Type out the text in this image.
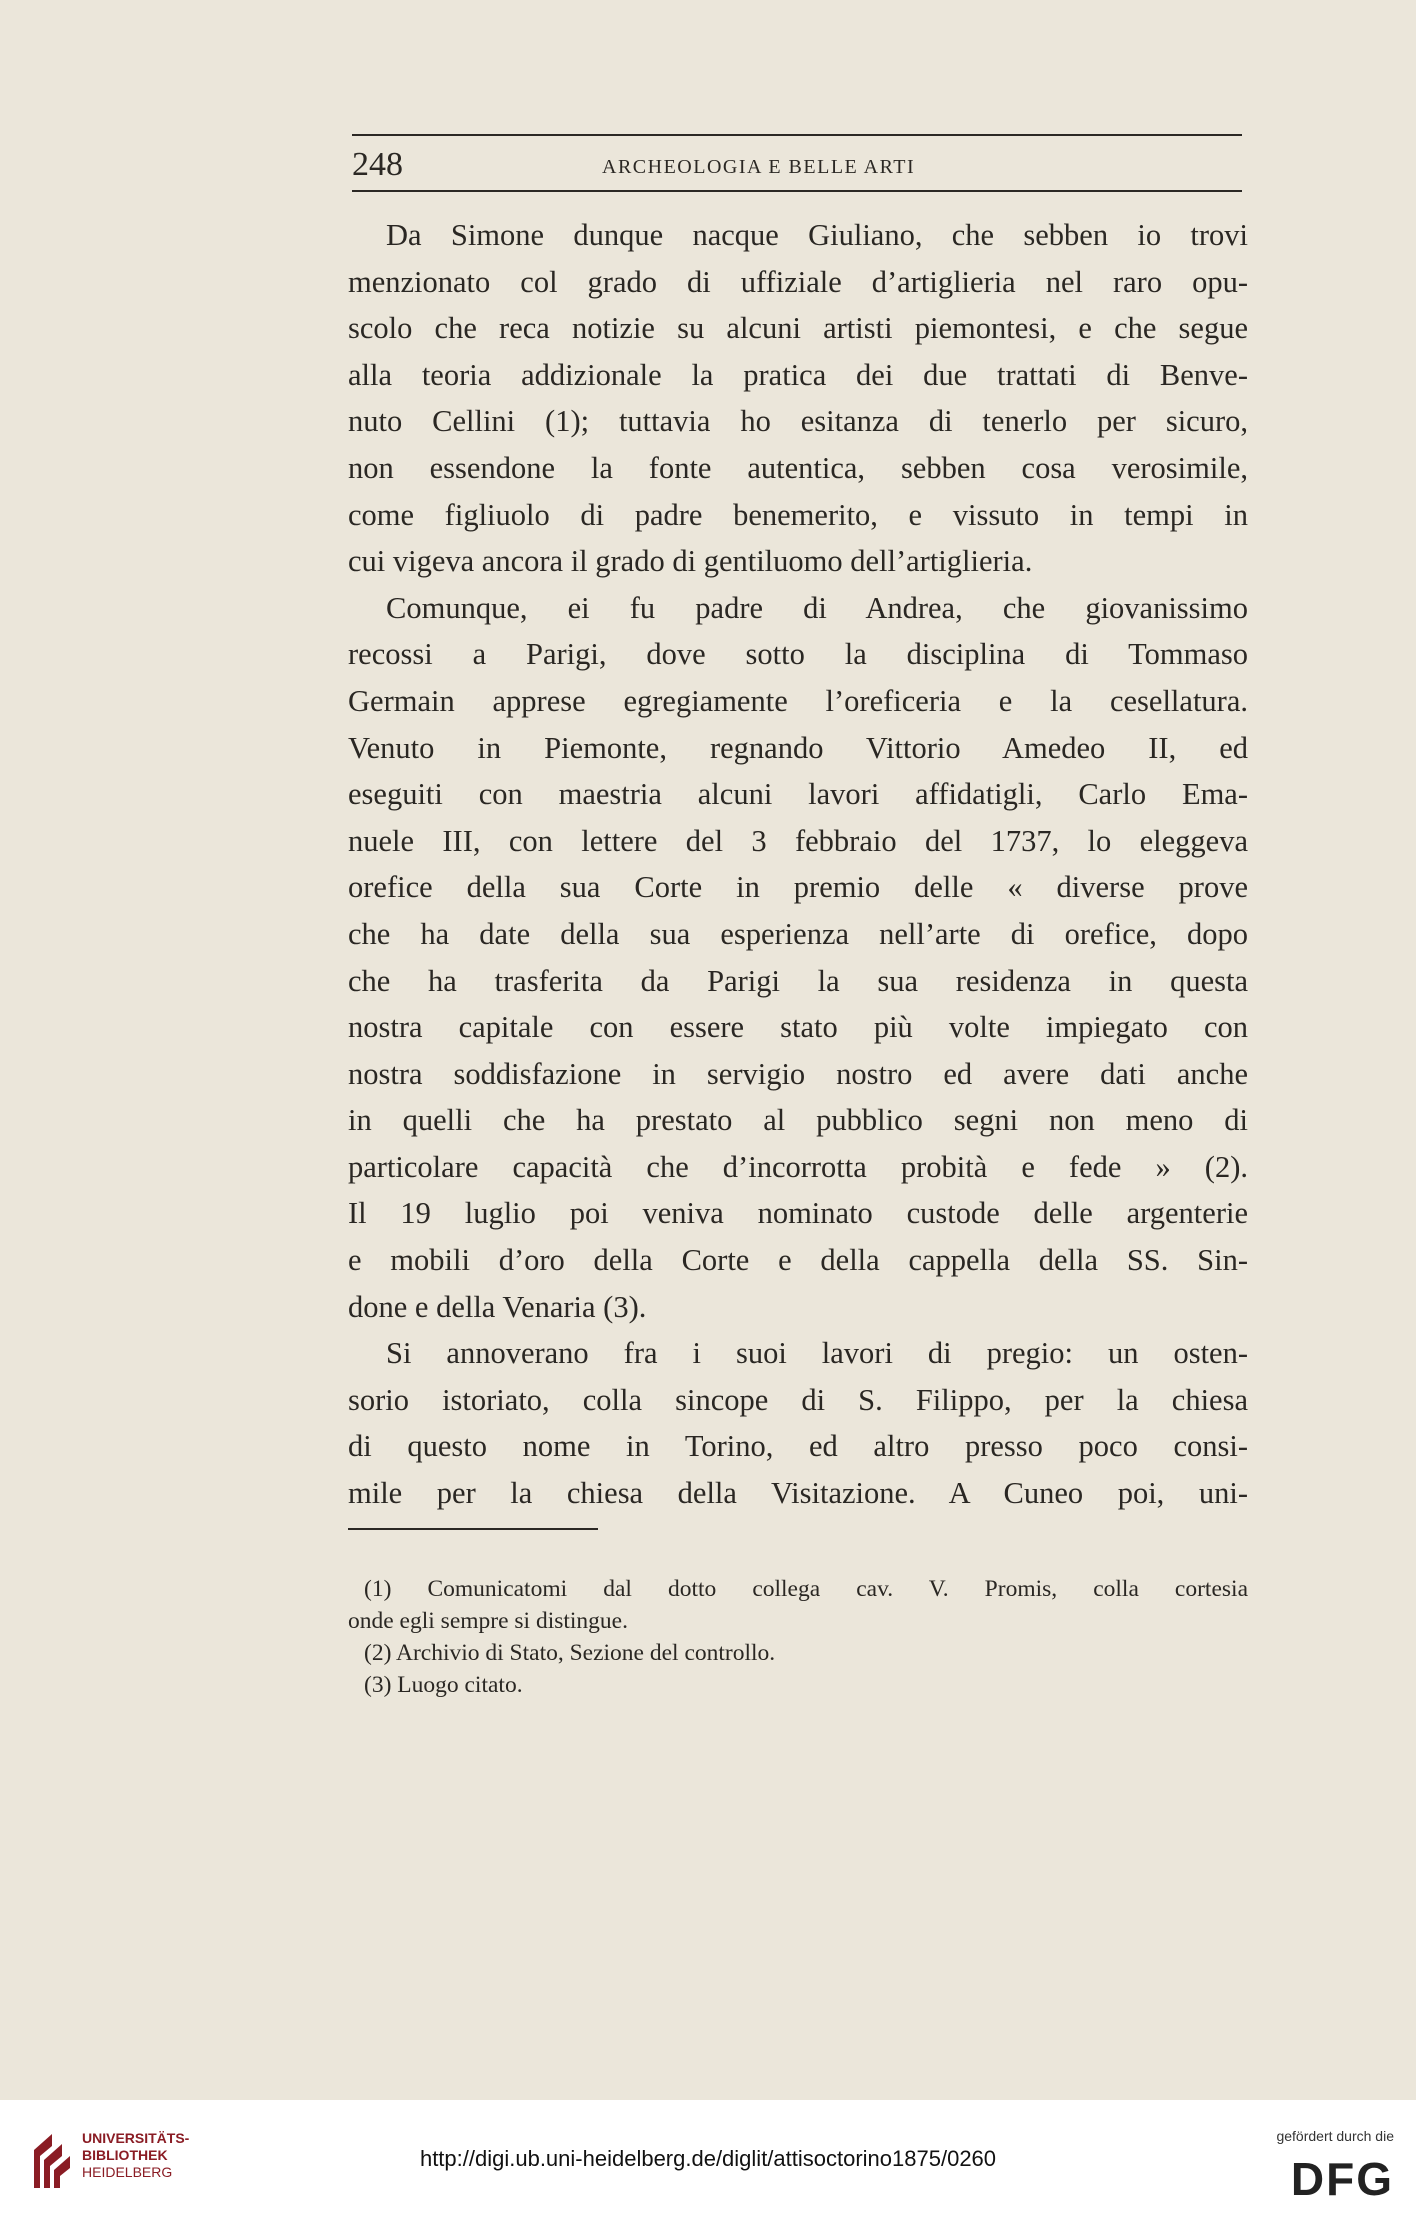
248	ARCHEOLOGIA E BELLE ARTI
Da Simone dunque nacque Giuliano, che sebben io trovi
menzionato col grado di uffiziale d’artiglieria nel raro opu-
scolo che reca notizie su alcuni artisti piemontesi, e che segue
alla teoria addizionale la pratica dei due trattati di Benve-
nuto Cellini (1); tuttavia ho esitanza di tenerlo per sicuro,
non essendone la fonte autentica, sebben cosa verosimile,
come figliuolo di padre benemerito, e vissuto in tempi in
cui vigeva ancora il grado di gentiluomo dell’artiglieria.
Comunque, ei fu padre di Andrea, che giovanissimo
recossi a Parigi, dove sotto la disciplina di Tommaso
Germain apprese egregiamente l’oreficeria e la cesellatura.
Venuto in Piemonte, regnando Vittorio Amedeo II, ed
eseguiti con maestria alcuni lavori affidatigli, Carlo Ema-
nuele III, con lettere del 3 febbraio del 1737, lo eleggeva
orefice della sua Corte in premio delle « diverse prove
che ha date della sua esperienza nell’arte di orefice, dopo
che ha trasferita da Parigi la sua residenza in questa
nostra capitale con essere stato più volte impiegato con
nostra soddisfazione in servigio nostro ed avere dati anche
in quelli che ha prestato al pubblico segni non meno di
particolare capacità che d’incorrotta probità e fede » (2).
Il 19 luglio poi veniva nominato custode delle argenterie
e mobili d’oro della Corte e della cappella della SS. Sin-
done e della Venaria (3).
Si annoverano fra i suoi lavori di pregio: un osten-
sorio istoriato, colla sincope di S. Filippo, per la chiesa
di questo nome in Torino, ed altro presso poco consi-
mile per la chiesa della Visitazione. A Cuneo poi, uni-
(1) Comunicatomi dal dotto collega cav. V. Promis, colla cortesia
onde egli sempre si distingue.
(2) Archivio di Stato, Sezione del controllo.
(3) Luogo citato.
UNIVERSITÄTS-
BIBLIOTHEK
HEIDELBERG
http://digi.ub.uni-heidelberg.de/diglit/attisoctorino1875/0260
gefördert durch die
DFG
